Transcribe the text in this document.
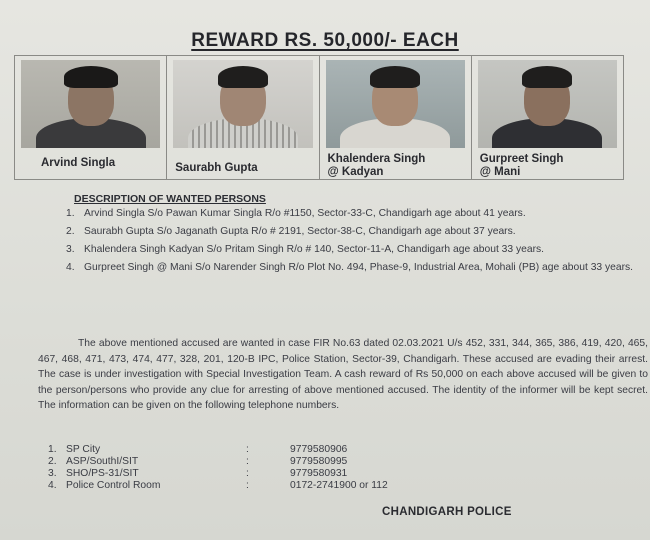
REWARD RS. 50,000/- EACH
Arvind Singla	Saurabh Gupta
Khalendera Singh
@ Kadyan
Gurpreet Singh
@ Mani
DESCRIPTION OF WANTED PERSONS
1. Arvind Singla S/o Pawan Kumar Singla R/o #1150, Sector-33-C, Chandigarh age about 41 years.
2. Saurabh Gupta S/o Jaganath Gupta R/o # 2191, Sector-38-C, Chandigarh age about 37 years.
3. Khalendera Singh Kadyan S/o Pritam Singh R/o # 140, Sector-11-A, Chandigarh age about 33 years.
4. Gurpreet Singh @ Mani S/o Narender Singh R/o Plot No. 494, Phase-9, Industrial Area, Mohali (PB) age about 33 years.
The above mentioned accused are wanted in case FIR No.63 dated 02.03.2021 U/s 452, 331, 344, 365, 386, 419, 420, 465, 467, 468, 471, 473, 474, 477, 328, 201, 120-B IPC, Police Station, Sector-39, Chandigarh. These accused are evading their arrest. The case is under investigation with Special Investigation Team. A cash reward of Rs 50,000 on each above accused will be given to the person/persons who provide any clue for arresting of above mentioned accused. The identity of the informer will be kept secret. The information can be given on the following telephone numbers.
1. SP City	:	9779580906
2. ASP/SouthI/SIT	:	9779580995
3. SHO/PS-31/SIT	:	9779580931
4. Police Control Room	:	0172-2741900 or 112
CHANDIGARH POLICE
